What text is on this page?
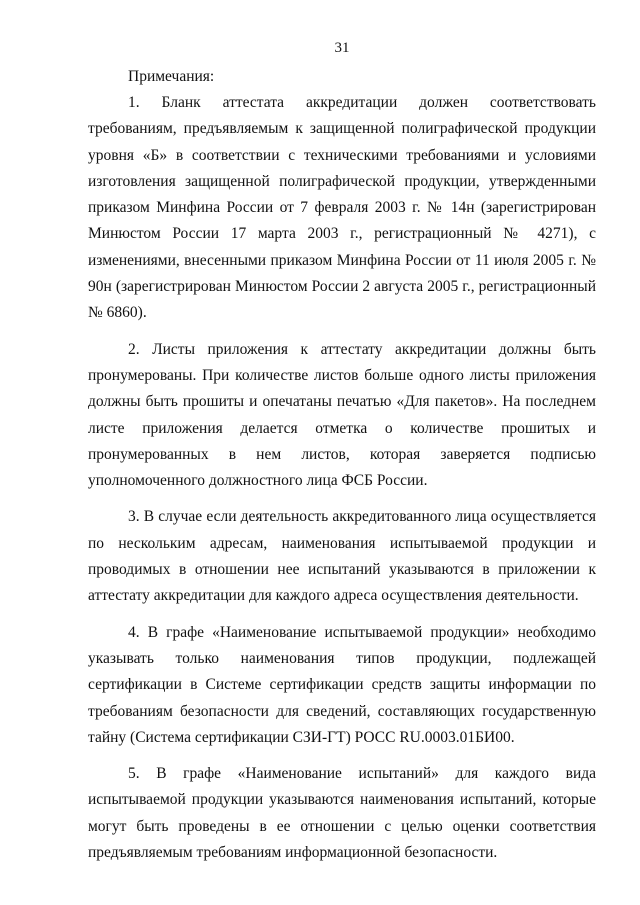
31
Примечания:

1. Бланк аттестата аккредитации должен соответствовать требованиям, предъявляемым к защищенной полиграфической продукции уровня «Б» в соответствии с техническими требованиями и условиями изготовления защищенной полиграфической продукции, утвержденными приказом Минфина России от 7 февраля 2003 г. № 14н (зарегистрирован Минюстом России 17 марта 2003 г., регистрационный № 4271), с изменениями, внесенными приказом Минфина России от 11 июля 2005 г. № 90н (зарегистрирован Минюстом России 2 августа 2005 г., регистрационный № 6860).

2. Листы приложения к аттестату аккредитации должны быть пронумерованы. При количестве листов больше одного листы приложения должны быть прошиты и опечатаны печатью «Для пакетов». На последнем листе приложения делается отметка о количестве прошитых и пронумерованных в нем листов, которая заверяется подписью уполномоченного должностного лица ФСБ России.

3. В случае если деятельность аккредитованного лица осуществляется по нескольким адресам, наименования испытываемой продукции и проводимых в отношении нее испытаний указываются в приложении к аттестату аккредитации для каждого адреса осуществления деятельности.

4. В графе «Наименование испытываемой продукции» необходимо указывать только наименования типов продукции, подлежащей сертификации в Системе сертификации средств защиты информации по требованиям безопасности для сведений, составляющих государственную тайну (Система сертификации СЗИ-ГТ) РОСС RU.0003.01БИ00.

5. В графе «Наименование испытаний» для каждого вида испытываемой продукции указываются наименования испытаний, которые могут быть проведены в ее отношении с целью оценки соответствия предъявляемым требованиям информационной безопасности.
